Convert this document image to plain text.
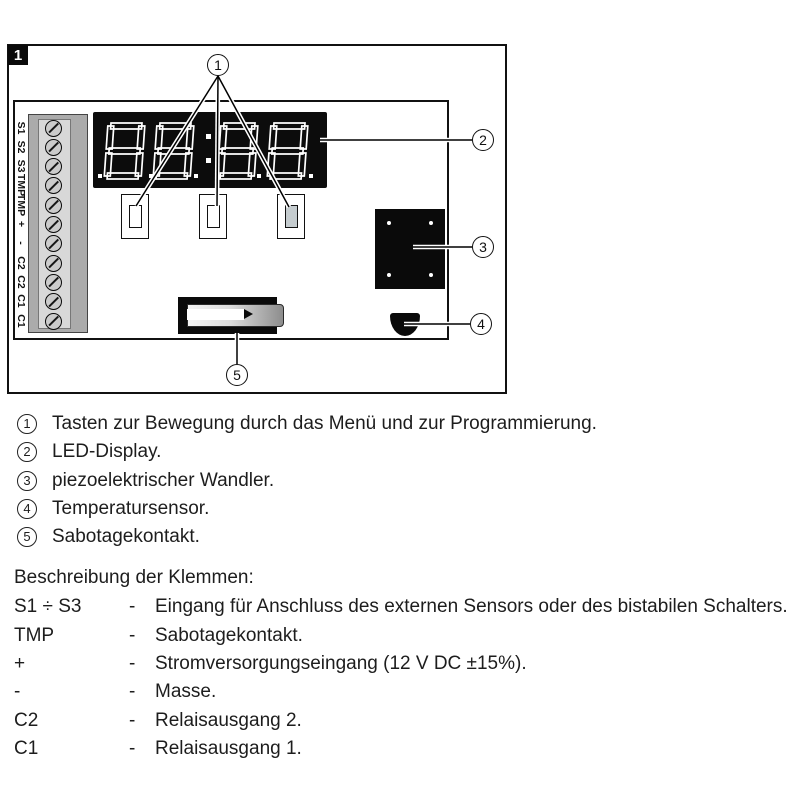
1
S1
S2
S3
TMP
TMP
+
-
C2
C2
C1
C1
1
2
3
4
5
1	Tasten zur Bewegung durch das Menü und zur Programmierung.
2	LED-Display.
3	piezoelektrischer Wandler.
4	Temperatursensor.
5	Sabotagekontakt.
Beschreibung der Klemmen:
S1 ÷ S3	-	Eingang für Anschluss des externen Sensors oder des bistabilen Schalters.
TMP	-	Sabotagekontakt.
+	-	Stromversorgungseingang (12 V DC ±15%).
-	-	Masse.
C2	-	Relaisausgang 2.
C1	-	Relaisausgang 1.
